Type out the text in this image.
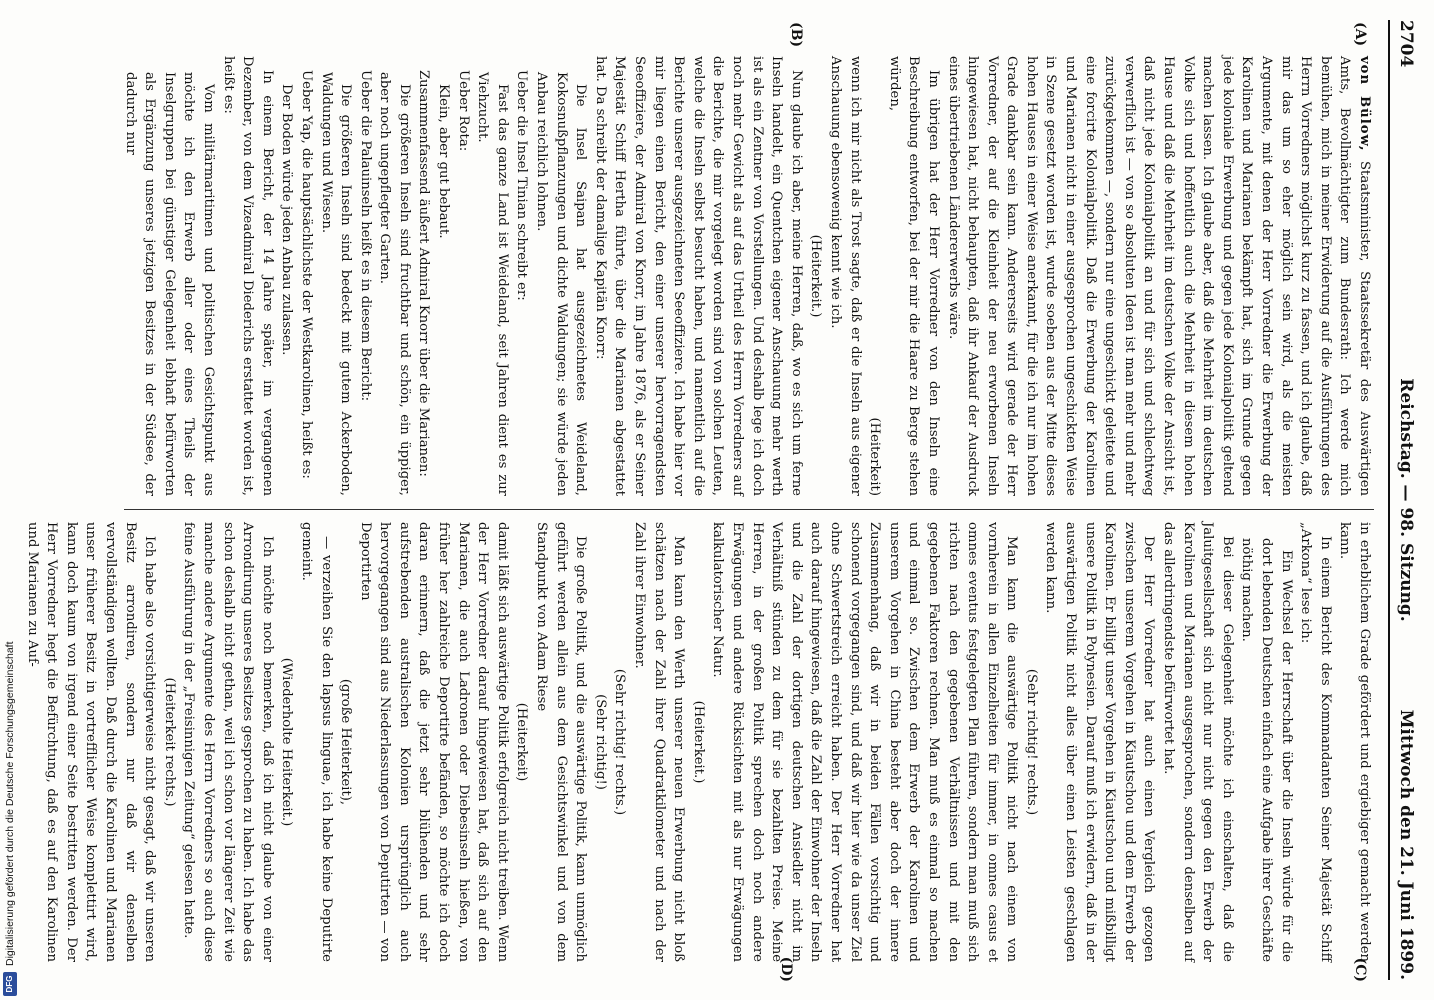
2704
Reichstag. — 98. Sitzung.
Mittwoch den 21. Juni 1899.
(A)
(B)
(C)
(D)

von Bülow, Staatsminister, Staatssekretär des Auswärtigen Amts, Bevollmächtigter zum Bundesrath: Ich werde mich bemühen, mich in meiner Erwiderung auf die Ausführungen des Herrn Vorredners möglichst kurz zu fassen, und ich glaube, daß mir das um so eher möglich sein wird, als die meisten Argumente, mit denen der Herr Vorredner die Erwerbung der Karolinen und Marianen bekämpft hat, sich im Grunde gegen jede koloniale Erwerbung und gegen jede Kolonialpolitik geltend machen lassen. Ich glaube aber, daß die Mehrheit im deutschen Volke sich und hoffentlich auch die Mehrheit in diesem hohen Hause und daß die Mehrheit im deutschen Volke der Ansicht ist, daß nicht jede Kolonialpolitik an und für sich und schlechtweg verwerflich ist — von so absoluten Ideen ist man mehr und mehr zurückgekommen —, sondern nur eine ungeschickt geleitete und eine forcirte Kolonialpolitik. Daß die Erwerbung der Karolinen und Marianen nicht in einer ausgesprochen ungeschickten Weise in Szene gesetzt worden ist, wurde soeben aus der Mitte dieses hohen Hauses in einer Weise anerkannt, für die ich nur im hohen Grade dankbar sein kann. Andererseits wird gerade der Herr Vorredner, der auf die Kleinheit der neu erworbenen Inseln hingewiesen hat, nicht behaupten, daß ihr Ankauf der Ausdruck eines übertriebenen Ländererwerbs wäre.

Im übrigen hat der Herr Vorredner von den Inseln eine Beschreibung entworfen, bei der mir die Haare zu Berge stehen würden,

(Heiterkeit)

wenn ich mir nicht als Trost sagte, daß er die Inseln aus eigener Anschauung ebensowenig kennt wie ich.

(Heiterkeit.)

Nun glaube ich aber, meine Herren, daß, wo es sich um ferne Inseln handelt, ein Quentchen eigener Anschauung mehr werth ist als ein Zentner von Vorstellungen. Und deshalb lege ich doch noch mehr Gewicht als auf das Urtheil des Herrn Vorredners auf die Berichte, die mir vorgelegt worden sind von solchen Leuten, welche die Inseln selbst besucht haben, und namentlich auf die Berichte unserer ausgezeichneten Seeoffiziere. Ich habe hier vor mir liegen einen Bericht, den einer unserer hervorragendsten Seeoffiziere, der Admiral von Knorr, im Jahre 1876, als er Seiner Majestät Schiff Hertha führte, über die Marianen abgestattet hat. Da schreibt der damalige Kapitän Knorr:

Die Insel Saipan hat ausgezeichnetes Weideland, Kokosnußpflanzungen und dichte Waldungen; sie würde jeden Anbau reichlich lohnen.

Ueber die Insel Tinian schreibt er:

Fast das ganze Land ist Weideland, seit Jahren dient es zur Viehzucht.

Ueber Rota:

Klein, aber gut bebaut.

Zusammenfassend äußert Admiral Knorr über die Marianen:

Die größeren Inseln sind fruchtbar und schön, ein üppiger, aber noch ungepflegter Garten.

Ueber die Palauinseln heißt es in diesem Bericht:

Die größeren Inseln sind bedeckt mit gutem Ackerboden, Waldungen und Wiesen.

Ueber Yap, die hauptsächlichste der Westkarolinen, heißt es:

Der Boden würde jeden Anbau zulassen.

In einem Bericht, der 14 Jahre später, im vergangenen Dezember, von dem Vizeadmiral Diederichs erstattet worden ist, heißt es:

Vom militärmaritimen und politischen Gesichtspunkt aus möchte ich den Erwerb aller oder eines Theils der Inselgruppen bei günstiger Gelegenheit lebhaft befürworten als Ergänzung unseres jetzigen Besitzes in der Südsee, der dadurch nur

in erheblichem Grade gefördert und ergiebiger gemacht werden kann.

In einem Bericht des Kommandanten Seiner Majestät Schiff „Arkona“ lese ich:

Ein Wechsel der Herrschaft über die Inseln würde für die dort lebenden Deutschen einfach eine Aufgabe ihrer Geschäfte nöthig machen.

Bei dieser Gelegenheit möchte ich einschalten, daß die Jaluitgesellschaft sich nicht nur nicht gegen den Erwerb der Karolinen und Marianen ausgesprochen, sondern denselben auf das allerdringendste befürwortet hat.

Der Herr Vorredner hat auch einen Vergleich gezogen zwischen unserem Vorgehen in Kiautschou und dem Erwerb der Karolinen. Er billigt unser Vorgehen in Kiautschou und mißbilligt unsere Politik in Polynesien. Darauf muß ich erwidern, daß in der auswärtigen Politik nicht alles über einen Leisten geschlagen werden kann.

(Sehr richtig! rechts.)

Man kann die auswärtige Politik nicht nach einem von vornherein in allen Einzelheiten für immer, in omnes casus et omnes eventus festgelegten Plan führen, sondern man muß sich richten nach den gegebenen Verhältnissen und mit den gegebenen Faktoren rechnen. Man muß es einmal so machen und einmal so. Zwischen dem Erwerb der Karolinen und unserem Vorgehen in China besteht aber doch der innere Zusammenhang, daß wir in beiden Fällen vorsichtig und schonend vorgegangen sind, und daß wir hier wie da unser Ziel ohne Schwertstreich erreicht haben. Der Herr Vorredner hat auch darauf hingewiesen, daß die Zahl der Einwohner der Inseln und die Zahl der dortigen deutschen Ansiedler nicht im Verhältniß stünden zu dem für sie bezahlten Preise. Meine Herren, in der großen Politik sprechen doch noch andere Erwägungen und andere Rücksichten mit als nur Erwägungen kalkulatorischer Natur.

(Heiterkeit.)

Man kann den Werth unserer neuen Erwerbung nicht bloß schätzen nach der Zahl ihrer Quadratkilometer und nach der Zahl ihrer Einwohner.

(Sehr richtig! rechts.)

(Sehr richtig!)

Die große Politik, und die auswärtige Politik, kann unmöglich geführt werden allein aus dem Gesichtswinkel und von dem Standpunkt von Adam Riese

(Heiterkeit)

damit läßt sich auswärtige Politik erfolgreich nicht treiben. Wenn der Herr Vorredner darauf hingewiesen hat, daß sich auf den Marianen, die auch Ladronen oder Diebesinseln hießen, von früher her zahlreiche Deportirte befänden, so möchte ich doch daran erinnern, daß die jetzt sehr blühenden und sehr aufstrebenden australischen Kolonien ursprünglich auch hervorgegangen sind aus Niederlassungen von Deputirten — von Deportirten

(große Heiterkeit),

— verzeihen Sie den lapsus linguae, ich habe keine Deputirte gemeint.

(Wiederholte Heiterkeit.)

Ich möchte noch bemerken, daß ich nicht glaube von einer Arrondirung unseres Besitzes gesprochen zu haben. Ich habe das schon deshalb nicht gethan, weil ich schon vor längerer Zeit wie manche andere Argumente des Herrn Vorredners so auch diese feine Ausführung in der „Freisinnigen Zeitung“ gelesen hatte.

(Heiterkeit rechts.)

Ich habe also vorsichtigerweise nicht gesagt, daß wir unseren Besitz arrondiren, sondern nur daß wir denselben vervollständigen wollten. Daß durch die Karolinen und Marianen unser früherer Besitz in vortrefflicher Weise komplettirt wird, kann doch kaum von irgend einer Seite bestritten werden. Der Herr Vorredner hegt die Befürchtung, daß es auf den Karolinen und Marianen zu Auf-

DFG
Digitalisierung gefördert durch die Deutsche Forschungsgemeinschaft
